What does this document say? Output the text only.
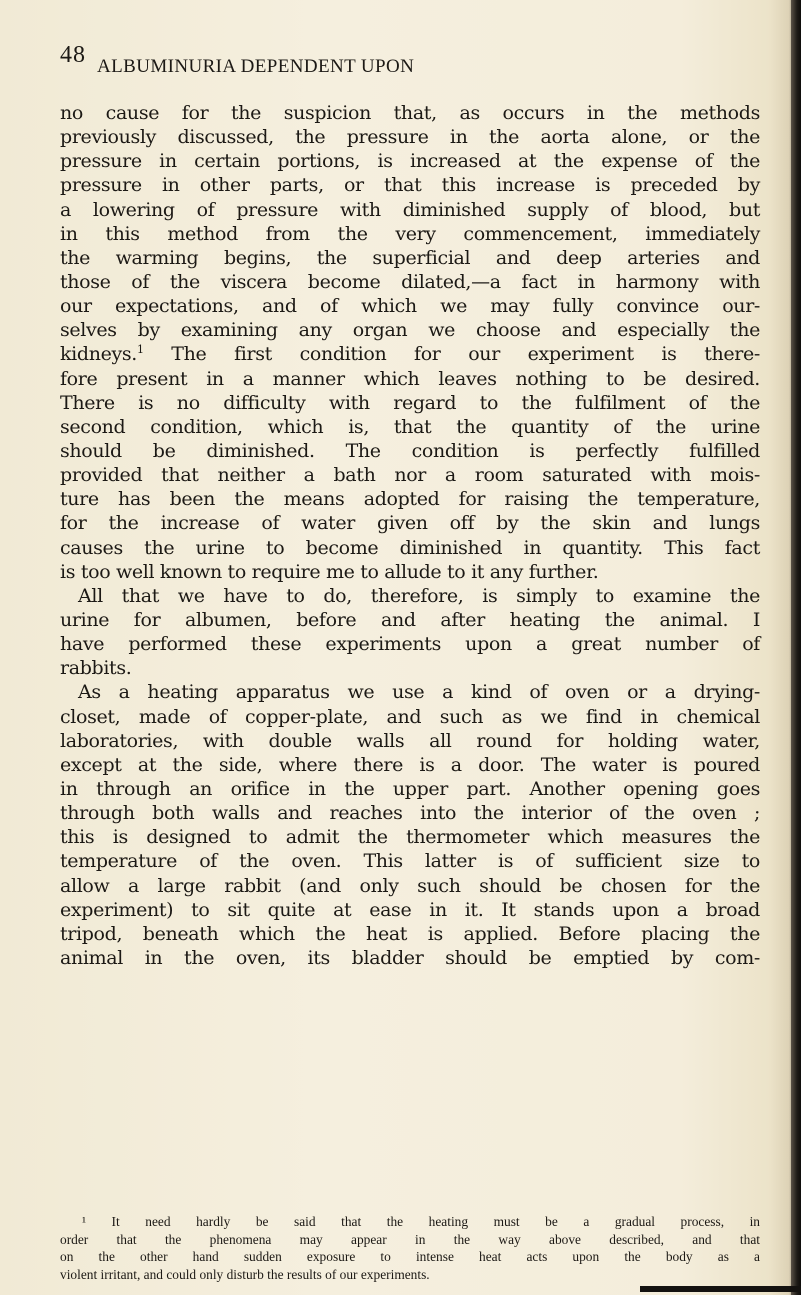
48 ALBUMINURIA DEPENDENT UPON
no cause for the suspicion that, as occurs in the methods
previously discussed, the pressure in the aorta alone, or the
pressure in certain portions, is increased at the expense of the
pressure in other parts, or that this increase is preceded by
a lowering of pressure with diminished supply of blood, but
in this method from the very commencement, immediately
the warming begins, the superficial and deep arteries and
those of the viscera become dilated,—a fact in harmony with
our expectations, and of which we may fully convince our-
selves by examining any organ we choose and especially the
kidneys.$^1$ The first condition for our experiment is there-
fore present in a manner which leaves nothing to be desired.
There is no difficulty with regard to the fulfilment of the
second condition, which is, that the quantity of the urine
should be diminished. The condition is perfectly fulfilled
provided that neither a bath nor a room saturated with mois-
ture has been the means adopted for raising the temperature,
for the increase of water given off by the skin and lungs
causes the urine to become diminished in quantity. This fact
is too well known to require me to allude to it any further.
All that we have to do, therefore, is simply to examine the
urine for albumen, before and after heating the animal. I
have performed these experiments upon a great number of
rabbits.
As a heating apparatus we use a kind of oven or a drying-
closet, made of copper-plate, and such as we find in chemical
laboratories, with double walls all round for holding water,
except at the side, where there is a door. The water is poured
in through an orifice in the upper part. Another opening goes
through both walls and reaches into the interior of the oven ;
this is designed to admit the thermometer which measures the
temperature of the oven. This latter is of sufficient size to
allow a large rabbit (and only such should be chosen for the
experiment) to sit quite at ease in it. It stands upon a broad
tripod, beneath which the heat is applied. Before placing the
animal in the oven, its bladder should be emptied by com-
¹ It need hardly be said that the heating must be a gradual process, in
order that the phenomena may appear in the way above described, and that
on the other hand sudden exposure to intense heat acts upon the body as a
violent irritant, and could only disturb the results of our experiments.
